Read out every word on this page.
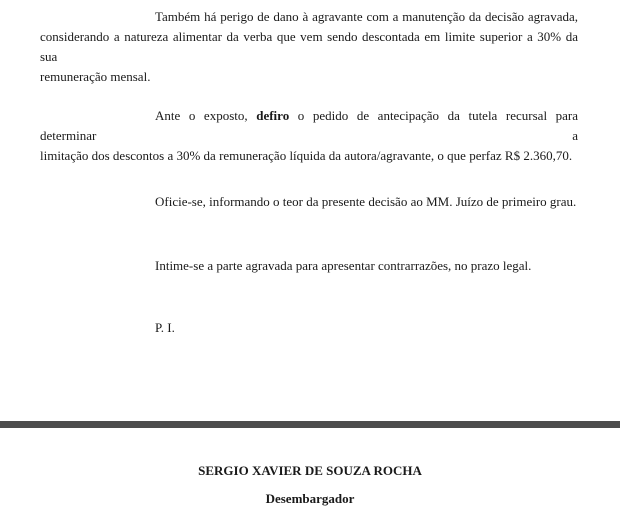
Também há perigo de dano à agravante com a manutenção da decisão agravada,
considerando a natureza alimentar da verba que vem sendo descontada em limite superior a 30% da sua
remuneração mensal.
Ante o exposto, defiro o pedido de antecipação da tutela recursal para determinar a
limitação dos descontos a 30% da remuneração líquida da autora/agravante, o que perfaz R$ 2.360,70.

Oficie-se, informando o teor da presente decisão ao MM. Juízo de primeiro grau.

Intime-se a parte agravada para apresentar contrarrazões, no prazo legal.

P. I.

SERGIO XAVIER DE SOUZA ROCHA

Desembargador
